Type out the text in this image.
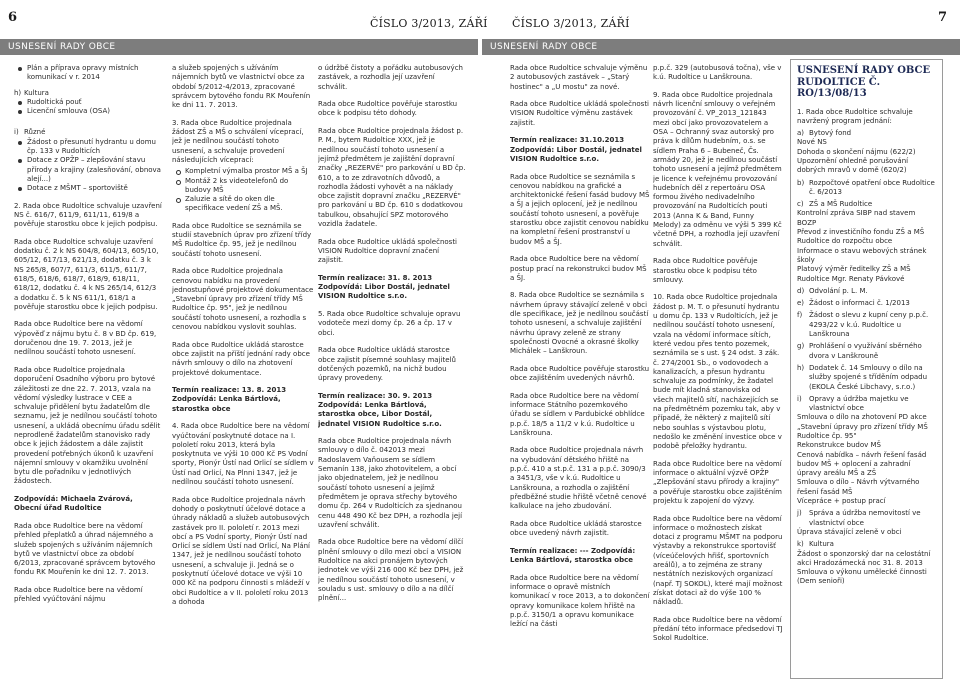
6	ČÍSLO 3/2013, ZÁŘÍ
USNESENÍ RADY OBCE
ČÍSLO 3/2013, ZÁŘÍ	7
USNESENÍ RADY OBCE
Plán a příprava opravy místních komunikací v r. 2014
h) Kultura
Rudoltická pouť
Licenční smlouva (OSA)
i) Různé
Žádost o přesunutí hydrantu u domu čp. 133 v Rudolticích
Dotace z OPŽP – zlepšování stavu přírody a krajiny (zalesňování, obnova alejí...)
Dotace z MŠMT – sportoviště

2. Rada obce Rudoltice schvaluje uzavření NS č. 616/7, 611/9, 611/11, 619/8 a pověřuje starostku obce k jejich podpisu.

Rada obce Rudoltice schvaluje uzavření dodatku č. 2 k NS 604/8, 604/13, 605/10, 605/12, 617/13, 621/13, dodatku č. 3 k NS 265/8, 607/7, 611/3, 611/5, 611/7, 618/5, 618/6, 618/7, 618/9, 618/11, 618/12, dodatku č. 4 k NS 265/14, 612/3 a dodatku č. 5 k NS 611/1, 618/1 a pověřuje starostku obce k jejich podpisu.

Rada obce Rudoltice bere na vědomí výpověď z nájmu bytu č. 8 v BD čp. 619, doručenou dne 19. 7. 2013, jež je nedílnou součástí tohoto usnesení.

Rada obce Rudoltice projednala doporučení Osadního výboru pro bytové záležitosti ze dne 22. 7. 2013, vzala na vědomí výsledky lustrace v CEE a schvaluje přidělení bytu žadatelům dle seznamu, jež je nedílnou součástí tohoto usnesení, a ukládá obecnímu úřadu sdělit neprodleně žadatelům stanovisko rady obce k jejich žádostem a dále zajistit provedení potřebných úkonů k uzavření nájemní smlouvy v okamžiku uvolnění bytu dle pořadníku v jednotlivých žádostech.

Zodpovídá: Michaela Zvárová, Obecní úřad Rudoltice

Rada obce Rudoltice bere na vědomí přehled přeplatků a úhrad nájemného a služeb spojených s užíváním nájemních bytů ve vlastnictví obce za období 6/2013, zpracované správcem bytového fondu RK Mouřenín ke dni 12. 7. 2013.

Rada obce Rudoltice bere na vědomí přehled vyúčtování nájmu

a služeb spojených s užíváním nájemních bytů ve vlastnictví obce za období 5/2012-4/2013, zpracované správcem bytového fondu RK Mouřenín ke dni 11. 7. 2013.

3. Rada obce Rudoltice projednala žádost ZŠ a MŠ o schválení víceprací, jež je nedílnou součástí tohoto usnesení, a schvaluje provedení následujících víceprací:

Kompletní výmalba prostor MŠ a ŠJ
Montáž 2 ks videotelefonů do budovy MŠ
Zaluzie a sítě do oken dle specifikace vedení ZŠ a MŠ.

Rada obce Rudoltice se seznámila se studií stavebních úprav pro zřízení třídy MŠ Rudoltice čp. 95, jež je nedílnou součástí tohoto usnesení.

Rada obce Rudoltice projednala cenovou nabídku na provedení jednostupňové projektové dokumentace „Stavební úpravy pro zřízení třídy MŠ Rudoltice čp. 95", jež je nedílnou součástí tohoto usnesení, a rozhodla s cenovou nabídkou vyslovit souhlas.

Rada obce Rudoltice ukládá starostce obce zajistit na příští jednání rady obce návrh smlouvy o dílo na zhotovení projektové dokumentace.

Termín realizace: 13. 8. 2013 Zodpovídá: Lenka Bártlová, starostka obce

4. Rada obce Rudoltice bere na vědomí vyúčtování poskytnuté dotace na I. pololetí roku 2013, která byla poskytnuta ve výši 10 000 Kč PS Vodní sporty, Pionýr Ústí nad Orlicí se sídlem v Ústí nad Orlicí, Na Plnni 1347, jež je nedílnou součástí tohoto usnesení.

Rada obce Rudoltice projednala návrh dohody o poskytnutí účelové dotace a úhrady nákladů a služeb autobusových zastávek pro II. pololetí r. 2013 mezi obcí a PS Vodní sporty, Pionýr Ústí nad Orlicí se sídlem Ústí nad Orlicí, Na Plání 1347, jež je nedílnou součástí tohoto usnesení, a schvaluje ji. Jedná se o poskytnutí účelové dotace ve výši 10 000 Kč na podporu činnosti s mládeží v obci Rudoltice a v II. pololetí roku 2013 a dohoda

o údržbě čistoty a pořádku autobusových zastávek, a rozhodla její uzavření schválit.

Rada obce Rudoltice pověřuje starostku obce k podpisu této dohody.

Rada obce Rudoltice projednala žádost p. P. M., bytem Rudoltice XXX, jež je nedílnou součástí tohoto usnesení a jejímž předmětem je zajištění dopravní značky „REZERVÉ" pro parkování u BD čp. 610, a to ze zdravotních důvodů, a rozhodla žádosti vyhovět a na náklady obce zajistit dopravní značku „REZERVÉ" pro parkování u BD čp. 610 s dodatkovou tabulkou, obsahující SPZ motorového vozidla žadatele.

Rada obce Rudoltice ukládá společnosti VISION Rudoltice dopravní značení zajistit.

Termín realizace: 31. 8. 2013 Zodpovídá: Libor Dostál, jednatel VISION Rudoltice s.r.o.

5. Rada obce Rudoltice schvaluje opravu vodoteče mezi domy čp. 26 a čp. 17 v obci.

Rada obce Rudoltice ukládá starostce obce zajistit písemné souhlasy majitelů dotčených pozemků, na nichž budou úpravy provedeny.

Termín realizace: 30. 9. 2013 Zodpovídá: Lenka Bártlová, starostka obce, Libor Dostál, jednatel VISION Rudoltice s.r.o.

Rada obce Rudoltice projednala návrh smlouvy o dílo č. 042013 mezi Radoslavem Vaňousem se sídlem Semanín 138, jako zhotovitelem, a obcí jako objednatelem, jež je nedílnou součástí tohoto usnesení a jejímž předmětem je oprava střechy bytového domu čp. 264 v Rudolticích za sjednanou cenu 448 490 Kč bez DPH, a rozhodla její uzavření schválit.

Rada obce Rudoltice bere na vědomí dílčí plnění smlouvy o dílo mezi obcí a VISION Rudoltice na akci pronájem bytových jednotek ve výši 216 000 Kč bez DPH, jež je nedílnou součástí tohoto usnesení, v souladu s ust. smlouvy o dílo a na dílčí plnění...

Rada obce Rudoltice schvaluje výměnu 2 autobusových zastávek – „Starý hostinec" a „U mostu" za nové.

Rada obce Rudoltice ukládá společnosti VISION Rudoltice výměnu zastávek zajistit.

Termín realizace: 31.10.2013 Zodpovídá: Libor Dostál, jednatel VISION Rudoltice s.r.o.

Rada obce Rudoltice se seznámila s cenovou nabídkou na grafické a architektonické řešení fasád budovy MŠ a ŠJ a jejich oplocení, jež je nedílnou součástí tohoto usnesení, a pověřuje starostku obce zajistit cenovou nabídku na kompletní řešení prostranství u budov MŠ a ŠJ.

Rada obce Rudoltice bere na vědomí postup prací na rekonstrukci budov MŠ a ŠJ.

8. Rada obce Rudoltice se seznámila s návrhem úpravy stávající zeleně v obci dle specifikace, jež je nedílnou součástí tohoto usnesení, a schvaluje zajištění návrhu úpravy zeleně ze strany společnosti Ovocné a okrasné školky Michálek – Lanškroun.

Rada obce Rudoltice pověřuje starostku obce zajištěním uvedených návrhů.

Rada obce Rudoltice bere na vědomí informace Státního pozemkového úřadu se sídlem v Pardubické obhlídce p.p.č. 18/5 a 11/2 v k.ú. Rudoltice u Lanškrouna.

Rada obce Rudoltice projednala návrh na vybudování dětského hřiště na p.p.č. 410 a st.p.č. 131 a p.p.č. 3090/3 a 3451/3, vše v k.ú. Rudoltice u Lanškrouna, a rozhodla o zajištění předběžné studie hřiště včetně cenové kalkulace na jeho zbudování.

Rada obce Rudoltice ukládá starostce obce uvedený návrh zajistit.

Termín realizace: --- Zodpovídá: Lenka Bártlová, starostka obce

Rada obce Rudoltice bere na vědomí informace o opravě místních komunikací v roce 2013, a to dokončení opravy komunikace kolem hřiště na p.p.č. 3150/1 a opravu komunikace ležící na části

p.p.č. 329 (autobusová točna), vše v k.ú. Rudoltice u Lanškrouna.

9. Rada obce Rudoltice projednala návrh licenční smlouvy o veřejném provozování č. VP_2013_121843 mezi obcí jako provozovatelem a OSA – Ochranný svaz autorský pro práva k dílům hudebním, o.s. se sídlem Praha 6 – Bubeneč, Čs. armády 20, jež je nedílnou součástí tohoto usnesení a jejímž předmětem je licence k veřejnému provozování hudebních děl z repertoáru OSA formou živého nedivadelního provozování na Rudolticích pouti 2013 (Anna K & Band, Funny Melody) za odměnu ve výši 5 399 Kč včetně DPH, a rozhodla její uzavření schválit.

Rada obce Rudoltice pověřuje starostku obce k podpisu této smlouvy.

10. Rada obce Rudoltice projednala žádost p. M. T. o přesunutí hydrantu u domu čp. 133 v Rudolticích, jež je nedílnou součástí tohoto usnesení, vzala na vědomí informace sítích, které vedou přes tento pozemek, seznámila se s ust. § 24 odst. 3 zák. č. 274/2001 Sb., o vodovodech a kanalizacích, a přesun hydrantu schvaluje za podmínky, že žadatel bude mít kladná stanoviska od všech majitelů sítí, nacházejících se na předmětném pozemku tak, aby v případě, že některý z majitelů sítí nebo souhlas s výstavbou plotu, nedošlo ke změnění investice obce v podobě přeložky hydrantu.

Rada obce Rudoltice bere na vědomí informace o aktuální výzvě OPŽP „Zlepšování stavu přírody a krajiny" a pověřuje starostku obce zajištěním projektu k zapojení do výzvy.

Rada obce Rudoltice bere na vědomí informace o možnostech získat dotaci z programu MŠMT na podporu výstavby a rekonstrukce sportovišť (víceúčelových hřišť, sportovních areálů), a to zejména ze strany nestátních neziskových organizací (např. TJ SOKOL), které mají možnost získat dotaci až do výše 100 % nákladů.

Rada obce Rudoltice bere na vědomí předání této informace předsedovi TJ Sokol Rudoltice.

USNESENÍ RADY OBCE RUDOLTICE Č. RO/13/08/13

1. Rada obce Rudoltice schvaluje navržený program jednání:

a) Bytový fond
• Nové NS
• Dohoda o skončení nájmu (622/2)
• Upozornění ohledně porušování dobrých mravů v domě (620/2)
b) Rozpočtové opatření obce Rudoltice č. 6/2013
c) ZŠ a MŠ Rudoltice
• Kontrolní zpráva SIBP nad stavem BOZP
• Převod z investičního fondu ZŠ a MŠ Rudoltice do rozpočtu obce
• Informace o stavu webových stránek školy
• Platový výměr ředitelky ZŠ a MŠ Rudoltice Mgr. Renaty Pávkové
d) Odvolání p. L. M.
e) Žádost o informaci č. 1/2013
f) Žádost o slevu z kupní ceny p.p.č. 4293/22 v k.ú. Rudoltice u Lanškrouna
g) Prohlášení o využívání sběrného dvora v Lanškrouně
h) Dodatek č. 14 Smlouvy o dílo na služby spojené s tříděním odpadu (EKOLA České Libchavy, s.r.o.)
i)	Opravy a údržba majetku ve vlastnictví obce
• Smlouva o dílo na zhotovení PD akce „Stavební úpravy pro zřízení třídy MŠ Rudoltice čp. 95"
• Rekonstrukce budov MŠ
• Cenová nabídka – návrh řešení fasád budov MŠ + oplocení a zahradní úpravy areálu MŠ a ZŠ
• Smlouva o dílo – Návrh výtvarného řešení fasád MŠ
• Vícepráce + postup prací
j)	Správa a údržba nemovitostí ve vlastnictví obce
• Úprava stávající zeleně v obci
k) Kultura
• Žádost o sponzorský dar na celostátní akci Hradozámecká noc 31. 8. 2013
• Smlouva o výkonu umělecké činnosti (Dem senioři)
